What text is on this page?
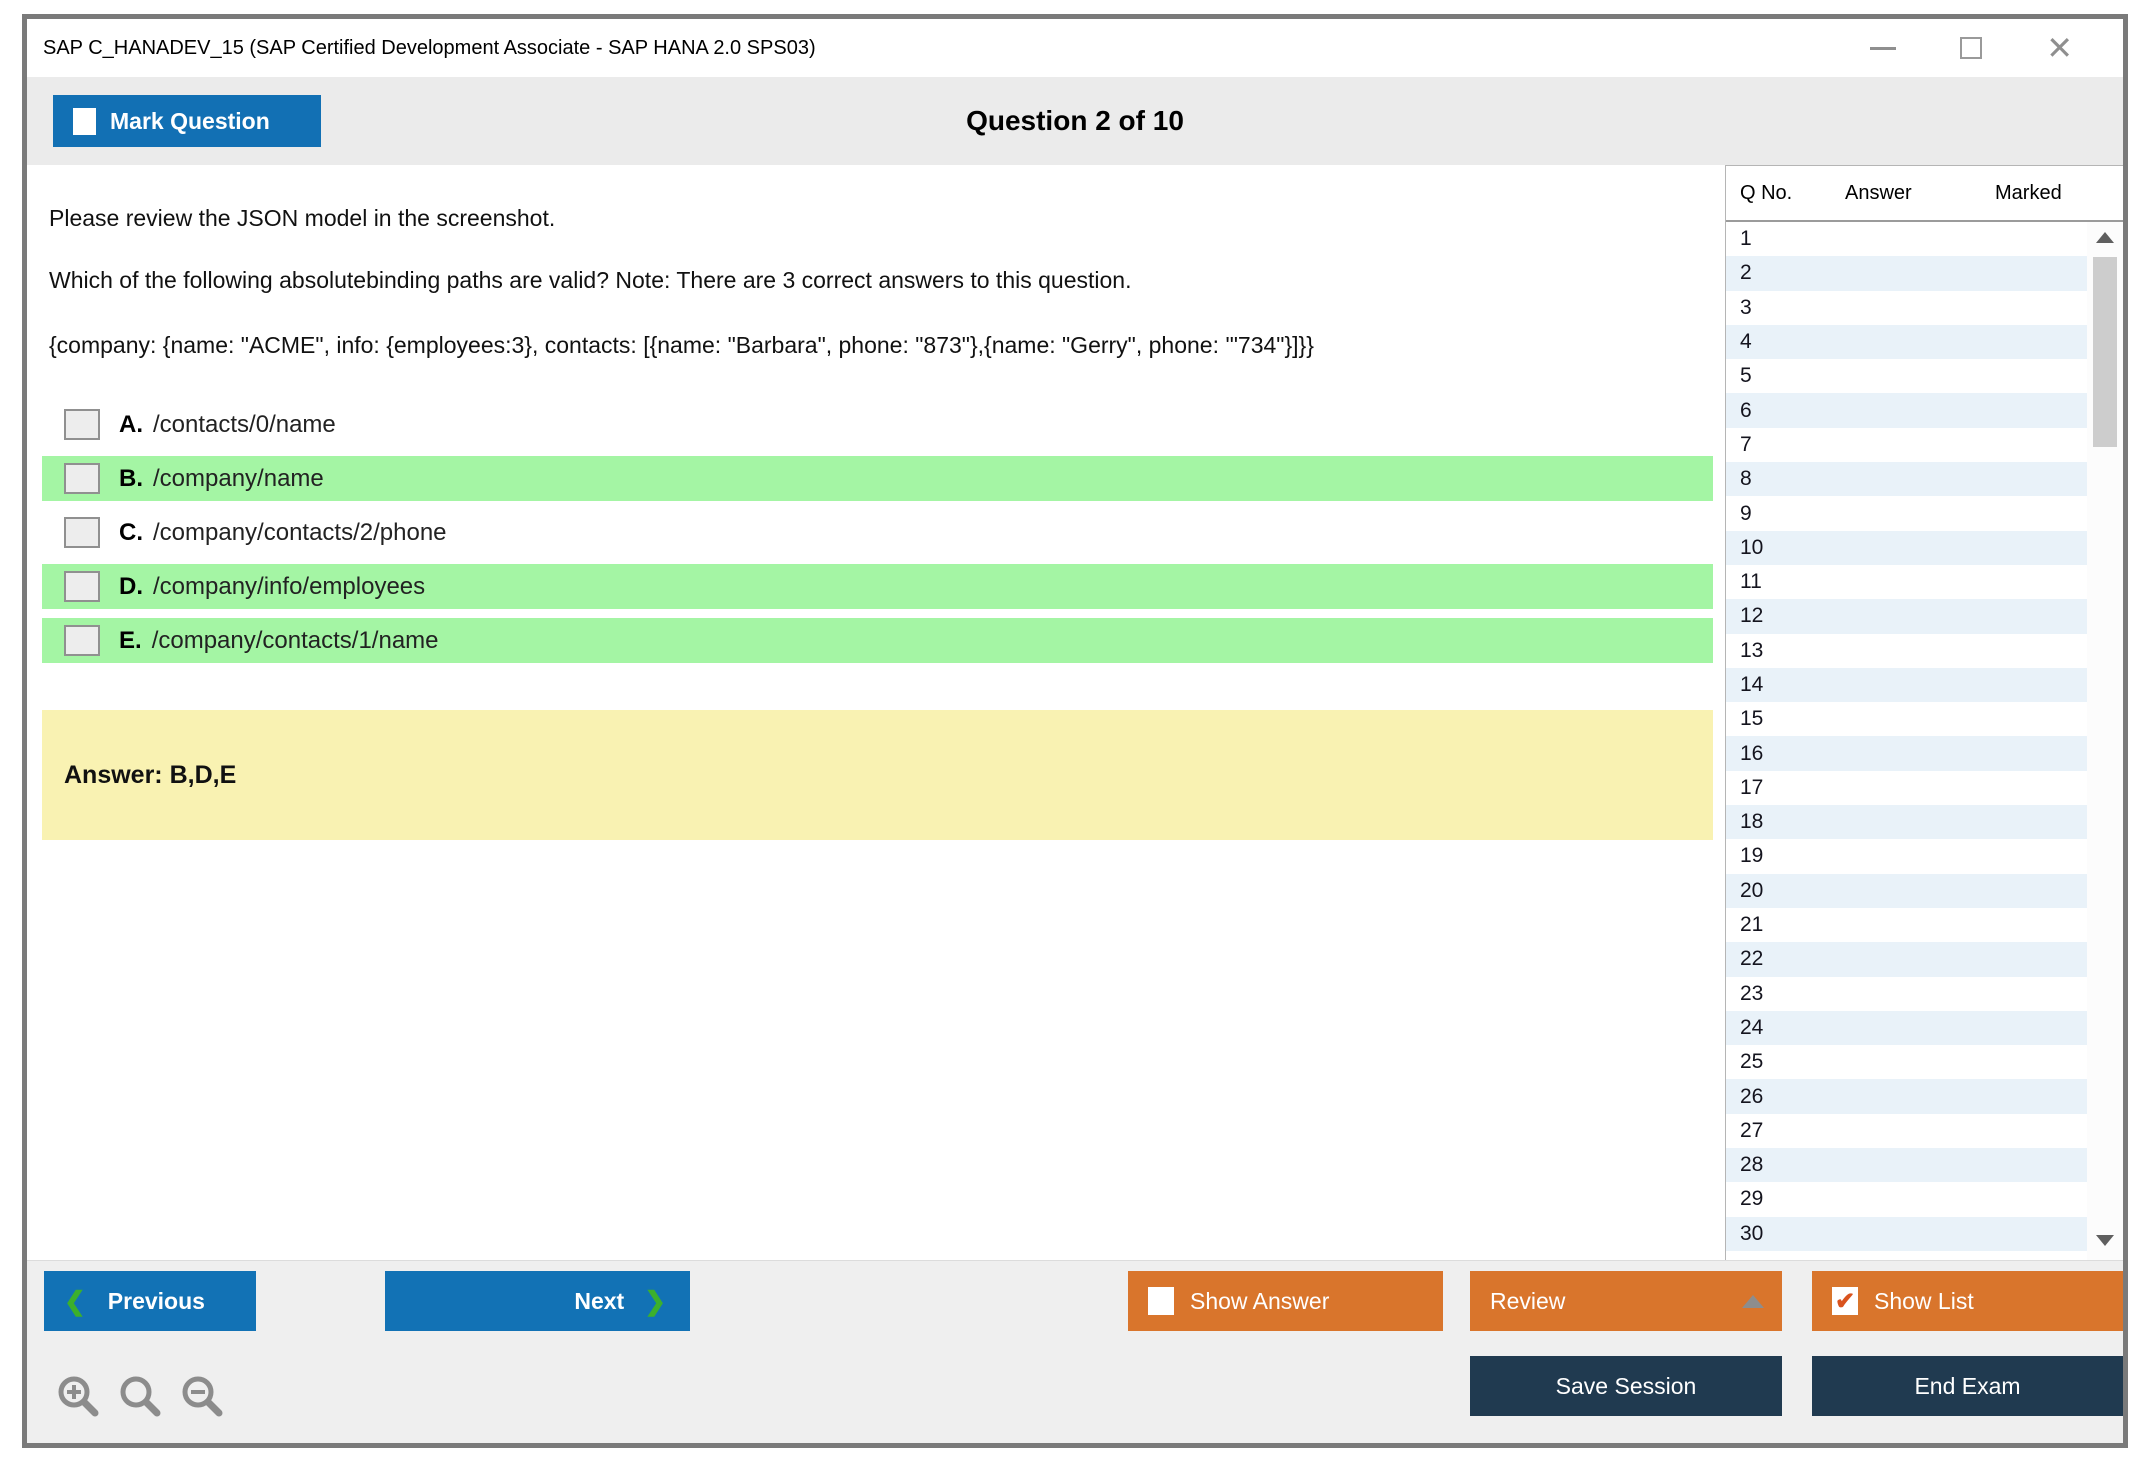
SAP C_HANADEV_15 (SAP Certified Development Associate - SAP HANA 2.0 SPS03)	✕
Question 2 of 10
Mark Question
Please review the JSON model in the screenshot.
Which of the following absolutebinding paths are valid? Note: There are 3 correct answers to this question.
{company: {name: "ACME", info: {employees:3}, contacts: [{name: "Barbara", phone: "873"},{name: "Gerry", phone: '"734"}]}}
A. /contacts/0/name
B. /company/name
C. /company/contacts/2/phone
D. /company/info/employees
E. /company/contacts/1/name
Answer: B,D,E
Q No.	Answer	Marked
1
2
3
4
5
6
7
8
9
10
11
12
13
14
15
16
17
18
19
20
21
22
23
24
25
26
27
28
29
30
❮ Previous	Next ❯	Show Answer	Review	✔ Show List
Save Session	End Exam
